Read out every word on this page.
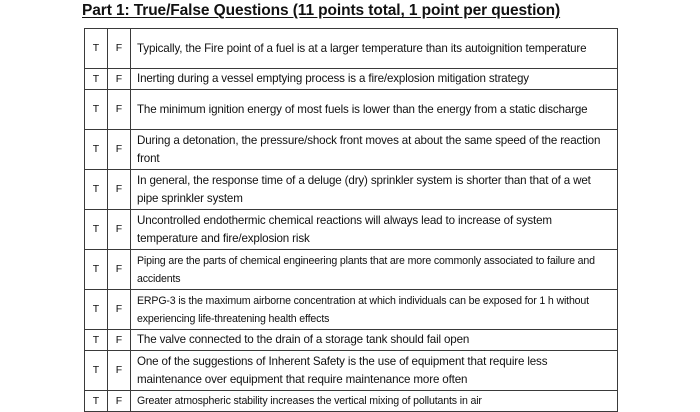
Part 1: True/False Questions (11 points total, 1 point per question)
T	F	Typically, the Fire point of a fuel is at a larger temperature than its autoignition temperature
T	F	Inerting during a vessel emptying process is a fire/explosion mitigation strategy
T	F	The minimum ignition energy of most fuels is lower than the energy from a static discharge
T	F	During a detonation, the pressure/shock front moves at about the same speed of the reaction front
T	F	In general, the response time of a deluge (dry) sprinkler system is shorter than that of a wet pipe sprinkler system
T	F	Uncontrolled endothermic chemical reactions will always lead to increase of system temperature and fire/explosion risk
T	F	Piping are the parts of chemical engineering plants that are more commonly associated to failure and accidents
T	F	ERPG-3 is the maximum airborne concentration at which individuals can be exposed for 1 h without experiencing life-threatening health effects
T	F	The valve connected to the drain of a storage tank should fail open
T	F	One of the suggestions of Inherent Safety is the use of equipment that require less maintenance over equipment that require maintenance more often
T	F	Greater atmospheric stability increases the vertical mixing of pollutants in air
